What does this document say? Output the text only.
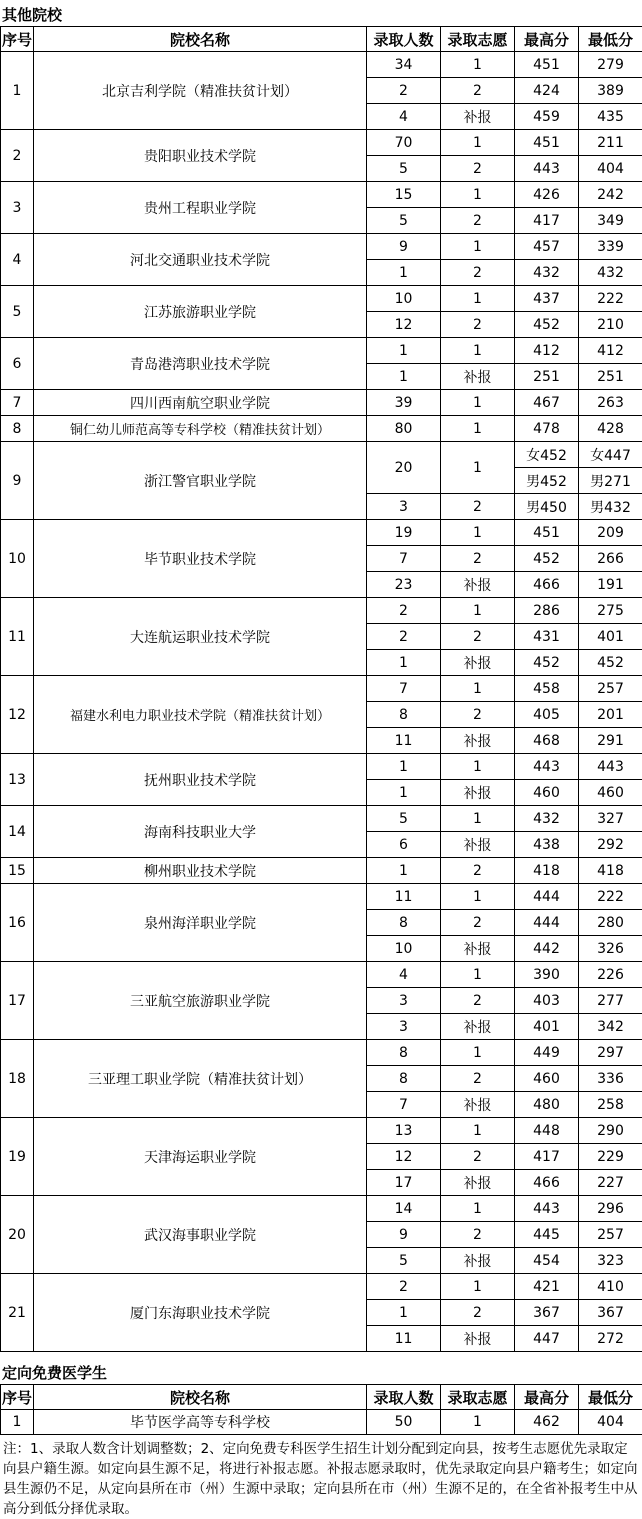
其他院校
序号	院校名称	录取人数	录取志愿	最高分	最低分
1	北京吉利学院（精准扶贫计划）	34	1	451	279
		2	2	424	389
		4	补报	459	435
2	贵阳职业技术学院	70	1	451	211
		5	2	443	404
3	贵州工程职业学院	15	1	426	242
		5	2	417	349
4	河北交通职业技术学院	9	1	457	339
		1	2	432	432
5	江苏旅游职业学院	10	1	437	222
		12	2	452	210
6	青岛港湾职业技术学院	1	1	412	412
		1	补报	251	251
7	四川西南航空职业学院	39	1	467	263
8	铜仁幼儿师范高等专科学校（精准扶贫计划）	80	1	478	428
9	浙江警官职业学院	20	1	女452	女447
				男452	男271
		3	2	男450	男432
10	毕节职业技术学院	19	1	451	209
		7	2	452	266
		23	补报	466	191
11	大连航运职业技术学院	2	1	286	275
		2	2	431	401
		1	补报	452	452
12	福建水利电力职业技术学院（精准扶贫计划）	7	1	458	257
		8	2	405	201
		11	补报	468	291
13	抚州职业技术学院	1	1	443	443
		1	补报	460	460
14	海南科技职业大学	5	1	432	327
		6	补报	438	292
15	柳州职业技术学院	1	2	418	418
16	泉州海洋职业学院	11	1	444	222
		8	2	444	280
		10	补报	442	326
17	三亚航空旅游职业学院	4	1	390	226
		3	2	403	277
		3	补报	401	342
18	三亚理工职业学院（精准扶贫计划）	8	1	449	297
		8	2	460	336
		7	补报	480	258
19	天津海运职业学院	13	1	448	290
		12	2	417	229
		17	补报	466	227
20	武汉海事职业学院	14	1	443	296
		9	2	445	257
		5	补报	454	323
21	厦门东海职业技术学院	2	1	421	410
		1	2	367	367
		11	补报	447	272
定向免费医学生
序号	院校名称	录取人数	录取志愿	最高分	最低分
1	毕节医学高等专科学校	50	1	462	404
注：1、录取人数含计划调整数；2、定向免费专科医学生招生计划分配到定向县，按考生志愿优先录取定向县户籍生源。如定向县生源不足，将进行补报志愿。补报志愿录取时，优先录取定向县户籍考生；如定向县生源仍不足，从定向县所在市（州）生源中录取；定向县所在市（州）生源不足的，在全省补报考生中从高分到低分择优录取。
